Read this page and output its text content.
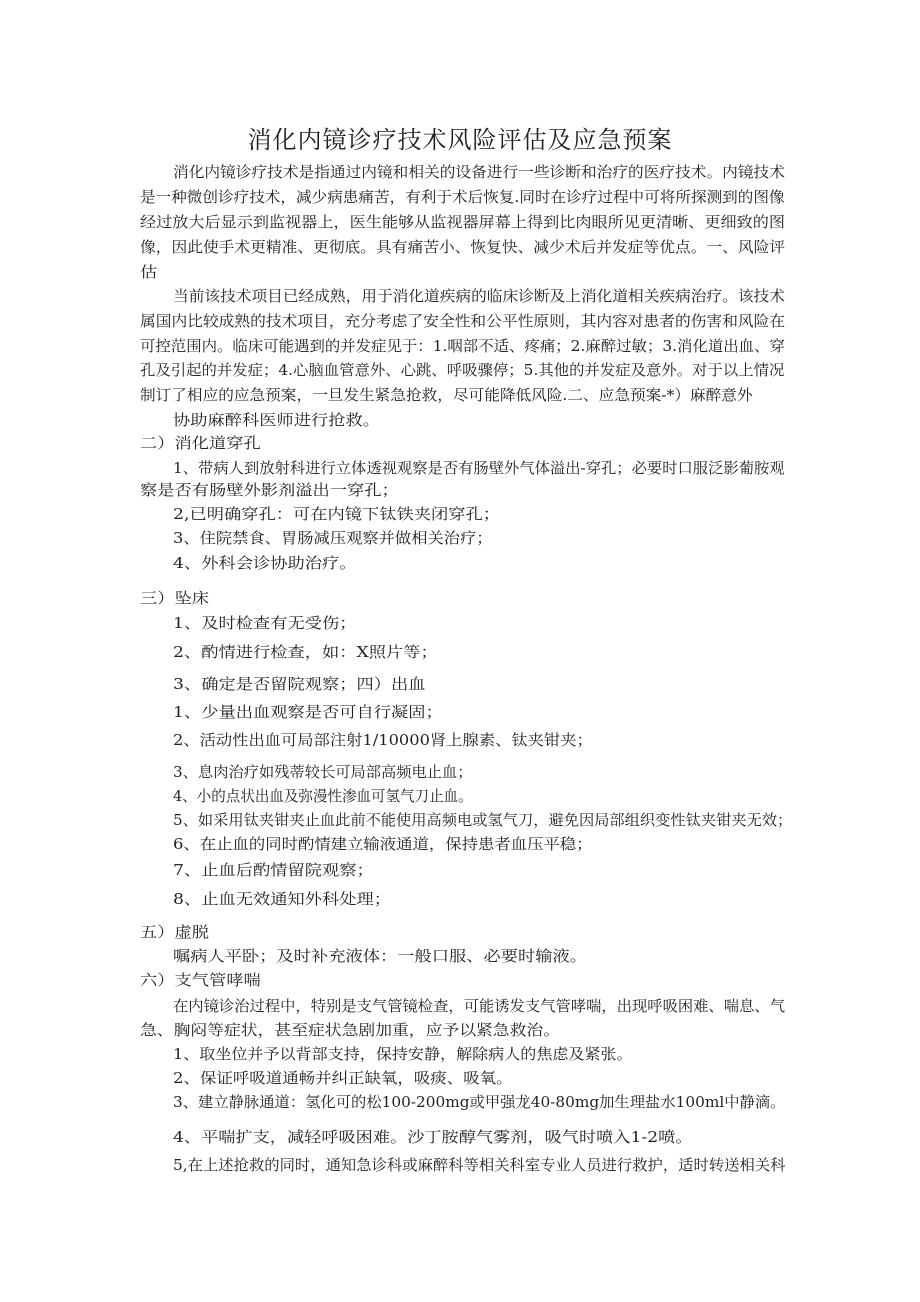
消化内镜诊疗技术风险评估及应急预案
消化内镜诊疗技术是指通过内镜和相关的设备进行一些诊断和治疗的医疗技术。内镜技术
是一种微创诊疗技术，减少病患痛苦，有利于术后恢复.同时在诊疗过程中可将所探测到的图像
经过放大后显示到监视器上，医生能够从监视器屏幕上得到比肉眼所见更清晰、更细致的图
像，因此使手术更精准、更彻底。具有痛苦小、恢复快、减少术后并发症等优点。一、风险评
估
当前该技术项目已经成熟，用于消化道疾病的临床诊断及上消化道相关疾病治疗。该技术
属国内比较成熟的技术项目，充分考虑了安全性和公平性原则，其内容对患者的伤害和风险在
可控范围内。临床可能遇到的并发症见于：1.咽部不适、疼痛；2.麻醉过敏；3.消化道出血、穿
孔及引起的并发症；4.心脑血管意外、心跳、呼吸骤停；5.其他的并发症及意外。对于以上情况
制订了相应的应急预案，一旦发生紧急抢救，尽可能降低风险.二、应急预案-*）麻醉意外
协助麻醉科医师进行抢救。
二）消化道穿孔
1、带病人到放射科进行立体透视观察是否有肠壁外气体溢出-穿孔；必要时口服泛影葡胺观
察是否有肠壁外影剂溢出一穿孔；
2,已明确穿孔：可在内镜下钛铁夹闭穿孔；
3、住院禁食、胃肠减压观察并做相关治疗；
4、外科会诊协助治疗。
三）坠床
1、及时检查有无受伤；
2、酌情进行检查，如：X照片等；
3、确定是否留院观察；四）出血
1、少量出血观察是否可自行凝固；
2、活动性出血可局部注射1/10000肾上腺素、钛夹钳夹；
3、息肉治疗如残蒂较长可局部高频电止血；
4、小的点状出血及弥漫性渗血可氢气刀止血。
5、如采用钛夹钳夹止血此前不能使用高频电或氢气刀，避免因局部组织变性钛夹钳夹无效；
6、在止血的同时酌情建立输液通道，保持患者血压平稳；
7、止血后酌情留院观察；
8、止血无效通知外科处理；
五）虚脱
嘱病人平卧；及时补充液体：一般口服、必要时输液。
六）支气管哮喘
在内镜诊治过程中，特别是支气管镜检查，可能诱发支气管哮喘，出现呼吸困难、喘息、气
急、胸闷等症状，甚至症状急剧加重，应予以紧急救治。
1、取坐位并予以背部支持，保持安静，解除病人的焦虑及紧张。
2、保证呼吸道通畅并纠正缺氧，吸痰、吸氧。
3、建立静脉通道：氢化可的松100-200mg或甲强龙40-80mg加生理盐水100ml中静滴。
4、平喘扩支，减轻呼吸困难。沙丁胺醇气雾剂，吸气时喷入1-2喷。
5,在上述抢救的同时，通知急诊科或麻醉科等相关科室专业人员进行救护，适时转送相关科
